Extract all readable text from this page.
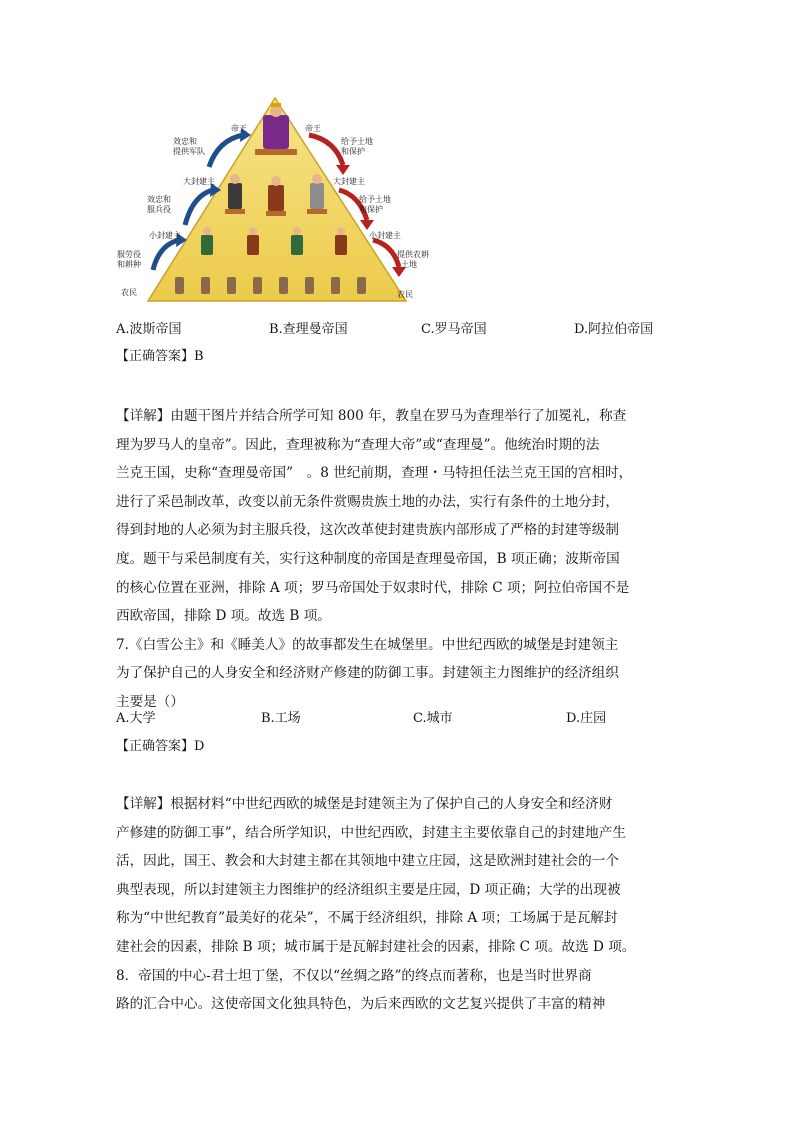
帝王	帝王
效忠和
提供军队
给予土地
和保护
大封建主	大封建主
效忠和
服兵役
给予土地
和保护
小封建主	小封建主
服劳役
和耕种
提供农耕
土地
农民	农民
A.波斯帝国	B.查理曼帝国	C.罗马帝国	D.阿拉伯帝国
【正确答案】B
【详解】由题干图片并结合所学可知 800 年，教皇在罗马为查理举行了加冕礼，称查
理为罗马人的皇帝”。因此，查理被称为“查理大帝”或“查理曼”。他统治时期的法
兰克王国，史称“查理曼帝国”　。8 世纪前期，查理・马特担任法兰克王国的宫相时，
进行了采邑制改革，改变以前无条件赏赐贵族土地的办法，实行有条件的土地分封，
得到封地的人必须为封主服兵役，这次改革使封建贵族内部形成了严格的封建等级制
度。题干与采邑制度有关，实行这种制度的帝国是查理曼帝国，B 项正确；波斯帝国
的核心位置在亚洲，排除 A 项；罗马帝国处于奴隶时代，排除 C 项；阿拉伯帝国不是
西欧帝国，排除 D 项。故选 B 项。
7.《白雪公主》和《睡美人》的故事都发生在城堡里。中世纪西欧的城堡是封建领主
为了保护自己的人身安全和经济财产修建的防御工事。封建领主力图维护的经济组织
主要是（）
A.大学	B.工场	C.城市	D.庄园
【正确答案】D
【详解】根据材料“中世纪西欧的城堡是封建领主为了保护自己的人身安全和经济财
产修建的防御工事”，结合所学知识，中世纪西欧，封建主主要依靠自己的封建地产生
活，因此，国王、教会和大封建主都在其领地中建立庄园，这是欧洲封建社会的一个
典型表现，所以封建领主力图维护的经济组织主要是庄园，D 项正确；大学的出现被
称为“中世纪教育”最美好的花朵”，不属于经济组织，排除 A 项；工场属于是瓦解封
建社会的因素，排除 B 项；城市属于是瓦解封建社会的因素，排除 C 项。故选 D 项。
8．帝国的中心-君士坦丁堡，不仅以“丝绸之路”的终点而著称，也是当时世界商
路的汇合中心。这使帝国文化独具特色，为后来西欧的文艺复兴提供了丰富的精神
